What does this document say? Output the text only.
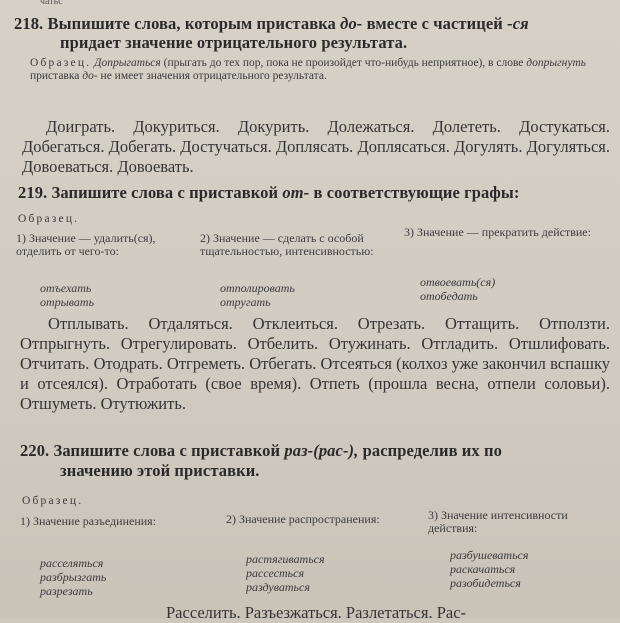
чатьс
218. Выпишите слова, которым приставка до- вместе с частицей -ся
придает значение отрицательного результата.
Образец. Допрыгаться (прыгать до тех пор, пока не произойдет что-нибудь неприятное), в слове допрыгнуть приставка до- не имеет значения отрицательного результата.
Доиграть. Докуриться. Докурить. Долежаться. Долететь. Достукаться. Добегаться. Добегать. Достучаться. Доплясать. Доплясаться. Догулять. Догуляться. Довоеваться. Довоевать.
219. Запишите слова с приставкой от- в соответствующие графы:
Образец.
1) Значение — удалить(ся), отделить от чего-то:
отъехать
отрывать
2) Значение — сделать с особой тщательностью, интенсивностью:
отполировать
отругать
3) Значение — прекратить действие:
отвоевать(ся)
отобедать
Отплывать. Отдаляться. Отклеиться. Отрезать. Оттащить. Отползти. Отпрыгнуть. Отрегулировать. Отбелить. Отужинать. Отгладить. Отшлифовать. Отчитать. Отодрать. Отгреметь. Отбегать. Отсеяться (колхоз уже закончил вспашку и отсеялся). Отработать (свое время). Отпеть (прошла весна, отпели соловьи). Отшуметь. Отутюжить.
220. Запишите слова с приставкой раз-(рас-), распределив их по
значению этой приставки.
Образец.
1) Значение разъединения:
расселяться
разбрызгать
разрезать
2) Значение распространения:
растягиваться
рассесться
раздуваться
3) Значение интенсивности действия:
разбушеваться
раскачаться
разобидеться
Расселить. Разъезжаться. Разлетаться. Рас-
